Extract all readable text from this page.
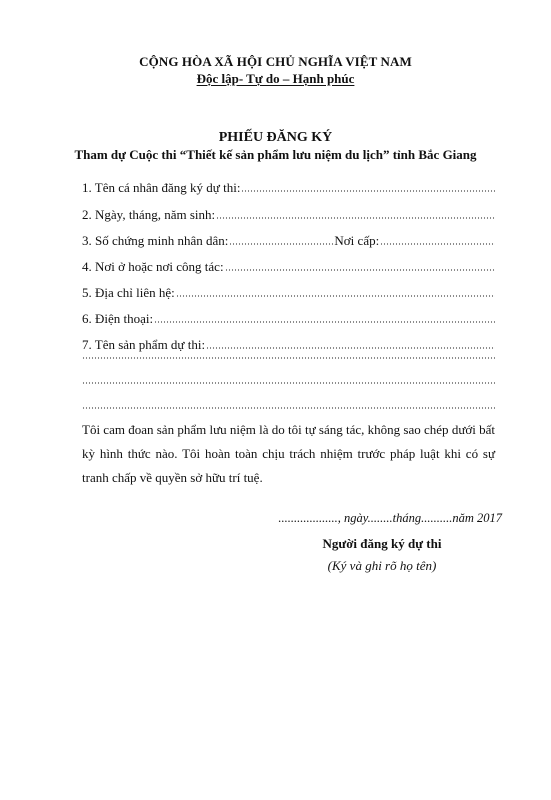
CỘNG HÒA XÃ HỘI CHỦ NGHĨA VIỆT NAM
Độc lập- Tự do – Hạnh phúc
PHIẾU ĐĂNG KÝ
Tham dự Cuộc thi “Thiết kế sản phẩm lưu niệm du lịch” tỉnh Bắc Giang
1. Tên cá nhân đăng ký dự thi:
2. Ngày, tháng, năm sinh:
3. Số chứng minh nhân dân:	Nơi cấp:
4. Nơi ở hoặc nơi công tác:
5. Địa chỉ liên hệ:
6. Điện thoại:
7. Tên sản phẩm dự thi:
Tôi cam đoan sản phẩm lưu niệm là do tôi tự sáng tác, không sao chép dưới bất kỳ hình thức nào. Tôi hoàn toàn chịu trách nhiệm trước pháp luật khi có sự tranh chấp về quyền sở hữu trí tuệ.
..................., ngày........tháng..........năm 2017
Người đăng ký dự thi
(Ký và ghi rõ họ tên)
